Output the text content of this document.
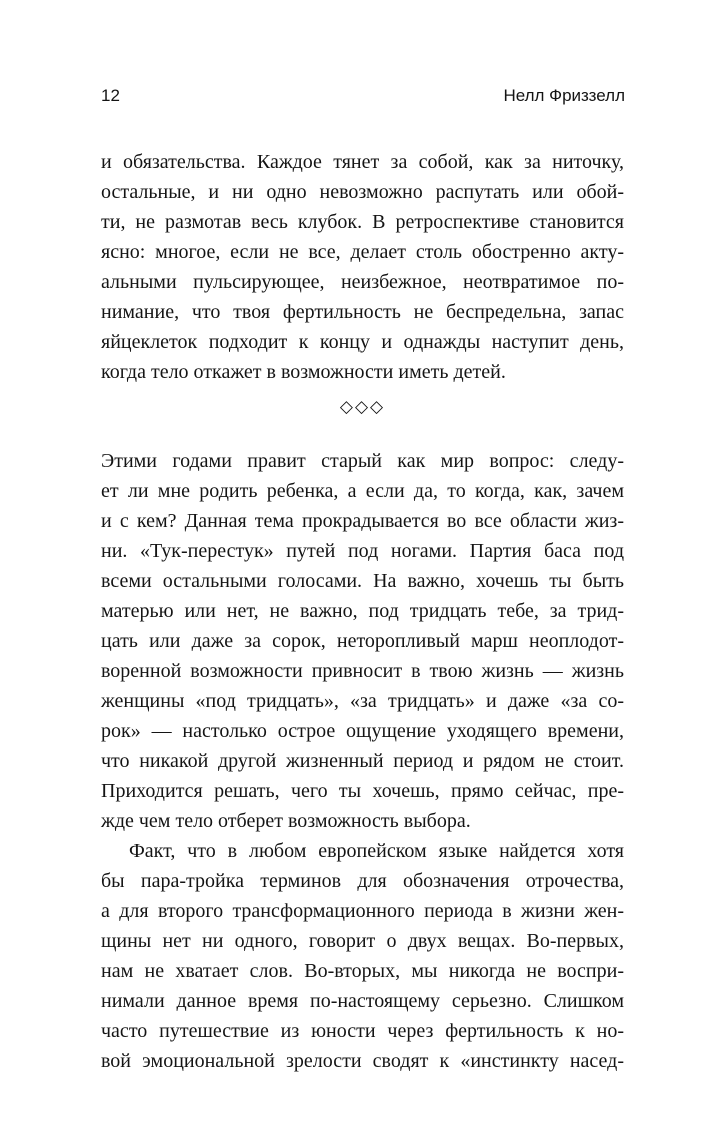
12	Нелл Фриззелл
и обязательства. Каждое тянет за собой, как за ниточку,
остальные, и ни одно невозможно распутать или обой-
ти, не размотав весь клубок. В ретроспективе становится
ясно: многое, если не все, делает столь обостренно акту-
альными пульсирующее, неизбежное, неотвратимое по-
нимание, что твоя фертильность не беспредельна, запас
яйцеклеток подходит к концу и однажды наступит день,
когда тело откажет в возможности иметь детей.
◇◇◇
Этими годами правит старый как мир вопрос: следу-
ет ли мне родить ребенка, а если да, то когда, как, зачем
и с кем? Данная тема прокрадывается во все области жиз-
ни. «Тук-перестук» путей под ногами. Партия баса под
всеми остальными голосами. На важно, хочешь ты быть
матерью или нет, не важно, под тридцать тебе, за трид-
цать или даже за сорок, неторопливый марш неоплодот-
воренной возможности привносит в твою жизнь — жизнь
женщины «под тридцать», «за тридцать» и даже «за со-
рок» — настолько острое ощущение уходящего времени,
что никакой другой жизненный период и рядом не стоит.
Приходится решать, чего ты хочешь, прямо сейчас, пре-
жде чем тело отберет возможность выбора.
Факт, что в любом европейском языке найдется хотя
бы пара-тройка терминов для обозначения отрочества,
а для второго трансформационного периода в жизни жен-
щины нет ни одного, говорит о двух вещах. Во-первых,
нам не хватает слов. Во-вторых, мы никогда не воспри-
нимали данное время по-настоящему серьезно. Слишком
часто путешествие из юности через фертильность к но-
вой эмоциональной зрелости сводят к «инстинкту насед-
